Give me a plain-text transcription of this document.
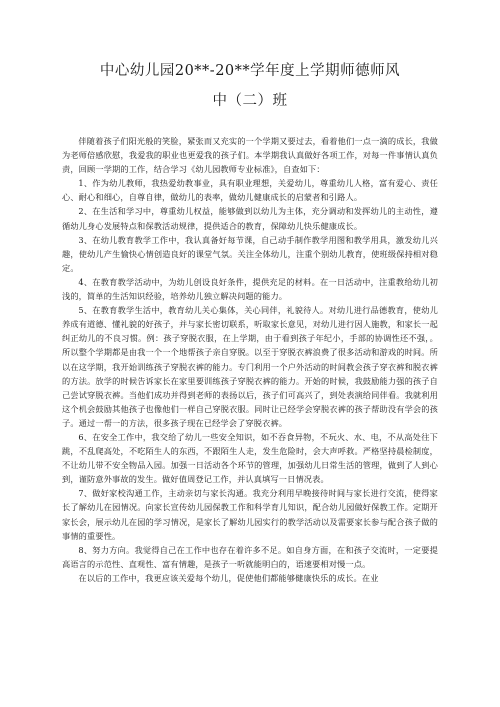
中心幼儿园20**-20**学年度上学期师德师风
中（二）班

伴随着孩子们阳光般的笑脸，紧张而又充实的一个学期又要过去，看着他们一点一滴的成长，我做为老师倍感欣慰，我爱我的职业也更爱我的孩子们。本学期我认真做好各项工作，对每一件事情认真负责，回顾一学期的工作，结合学习《幼儿园教师专业标准》，自查如下：

1、作为幼儿教师，我热爱幼教事业，具有职业理想，关爱幼儿，尊重幼儿人格，富有爱心、责任心、耐心和细心，自尊自律，做幼儿的表率，做幼儿健康成长的启蒙者和引路人。

2、在生活和学习中，尊重幼儿权益，能够做到以幼儿为主体，充分调动和发挥幼儿的主动性，遵循幼儿身心发展特点和保教活动规律，提供适合的教育，保障幼儿快乐健康成长。

3、在幼儿教育教学工作中，我认真备好每节课，自己动手制作教学用图和教学用具，激发幼儿兴趣，使幼儿产生愉快心情创造良好的课堂气氛。关注全体幼儿，注重个别幼儿教育，使班级保持相对稳定。

4、在教育教学活动中，为幼儿创设良好条件，提供充足的材料。在一日活动中，注重教给幼儿初浅的，简单的生活知识经验，培养幼儿独立解决问题的能力。

5、在教育教学生活中，教育幼儿关心集体，关心同伴，礼貌待人。对幼儿进行品德教育，使幼儿养成有道德、懂礼貌的好孩子，并与家长密切联系，听取家长意见，对幼儿进行因人施教，和家长一起纠正幼儿的不良习惯。例：孩子穿脱衣服，在上学期，由于看到孩子年纪小，手部的协调性还不强，。所以整个学期都是由我一个一个地帮孩子亲自穿脱。以至于穿脱衣裤浪费了很多活动和游戏的时间。所以在这学期，我开始训练孩子穿脱衣裤的能力。专门利用一个户外活动的时间教会孩子穿衣裤和脱衣裤的方法。放学的时候告诉家长在家里要训练孩子穿脱衣裤的能力。开始的时候，我鼓励能力强的孩子自己尝试穿脱衣裤。当他们成功并得到老师的表扬以后，孩子们可高兴了，到处表演给同伴看。我就利用这个机会鼓励其他孩子也像他们一样自己穿脱衣服。同时让已经学会穿脱衣裤的孩子帮助没有学会的孩子。通过一帮一的方法，很多孩子现在已经学会了穿脱衣裤。

6、在安全工作中，我交给了幼儿一些安全知识，如不吞食异物，不玩火、水、电，不从高处往下跳，不乱爬高处，不吃陌生人的东西，不跟陌生人走，发生危险时，会大声呼救。严格坚持晨检制度，不让幼儿带不安全物品入园。加强一日活动各个环节的管理，加强幼儿日常生活的管理，做到了人到心到，谨防意外事故的发生。做好值周登记工作，并认真填写一日情况表。

7、做好家校沟通工作，主动亲切与家长沟通。我充分利用早晚接待时间与家长进行交流，使得家长了解幼儿在园情况。向家长宣传幼儿园保教工作和科学育儿知识，配合幼儿园做好保教工作。定期开家长会，展示幼儿在园的学习情况，是家长了解幼儿园实行的教学活动以及需要家长参与配合孩子做的事情的重要性。

8、努力方向。我觉得自己在工作中也存在着许多不足。如自身方面，在和孩子交流时，一定要提高语言的示范性、直观性、富有情趣，是孩子一听就能明白的，语速要相对慢一点。

在以后的工作中，我更应该关爱每个幼儿，促使他们都能够健康快乐的成长。在业
